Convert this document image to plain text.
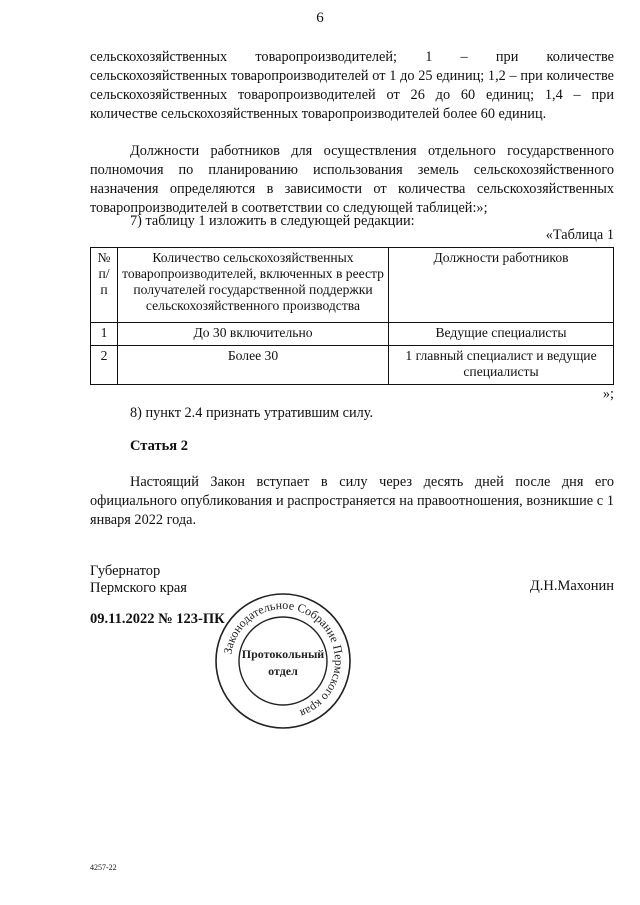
6

сельскохозяйственных товаропроизводителей; 1 – при количестве сельскохозяйственных товаропроизводителей от 1 до 25 единиц; 1,2 – при количестве сельскохозяйственных товаропроизводителей от 26 до 60 единиц; 1,4 – при количестве сельскохозяйственных товаропроизводителей более 60 единиц.

Должности работников для осуществления отдельного государственного полномочия по планированию использования земель сельскохозяйственного назначения определяются в зависимости от количества сельскохозяйственных товаропроизводителей в соответствии со следующей таблицей:»;

7) таблицу 1 изложить в следующей редакции:

«Таблица 1
№ п/п	Количество сельскохозяйственных товаропроизводителей, включенных в реестр получателей государственной поддержки сельскохозяйственного производства	Должности работников
1	До 30 включительно	Ведущие специалисты
2	Более 30	1 главный специалист и ведущие специалисты
»;

8) пункт 2.4 признать утратившим силу.

Статья 2

Настоящий Закон вступает в силу через десять дней после дня его официального опубликования и распространяется на правоотношения, возникшие с 1 января 2022 года.

Губернатор
Пермского края	Д.Н.Махонин
09.11.2022 № 123-ПК
Законодательное Собрание Пермского края
Протокольный
отдел
4257-22
